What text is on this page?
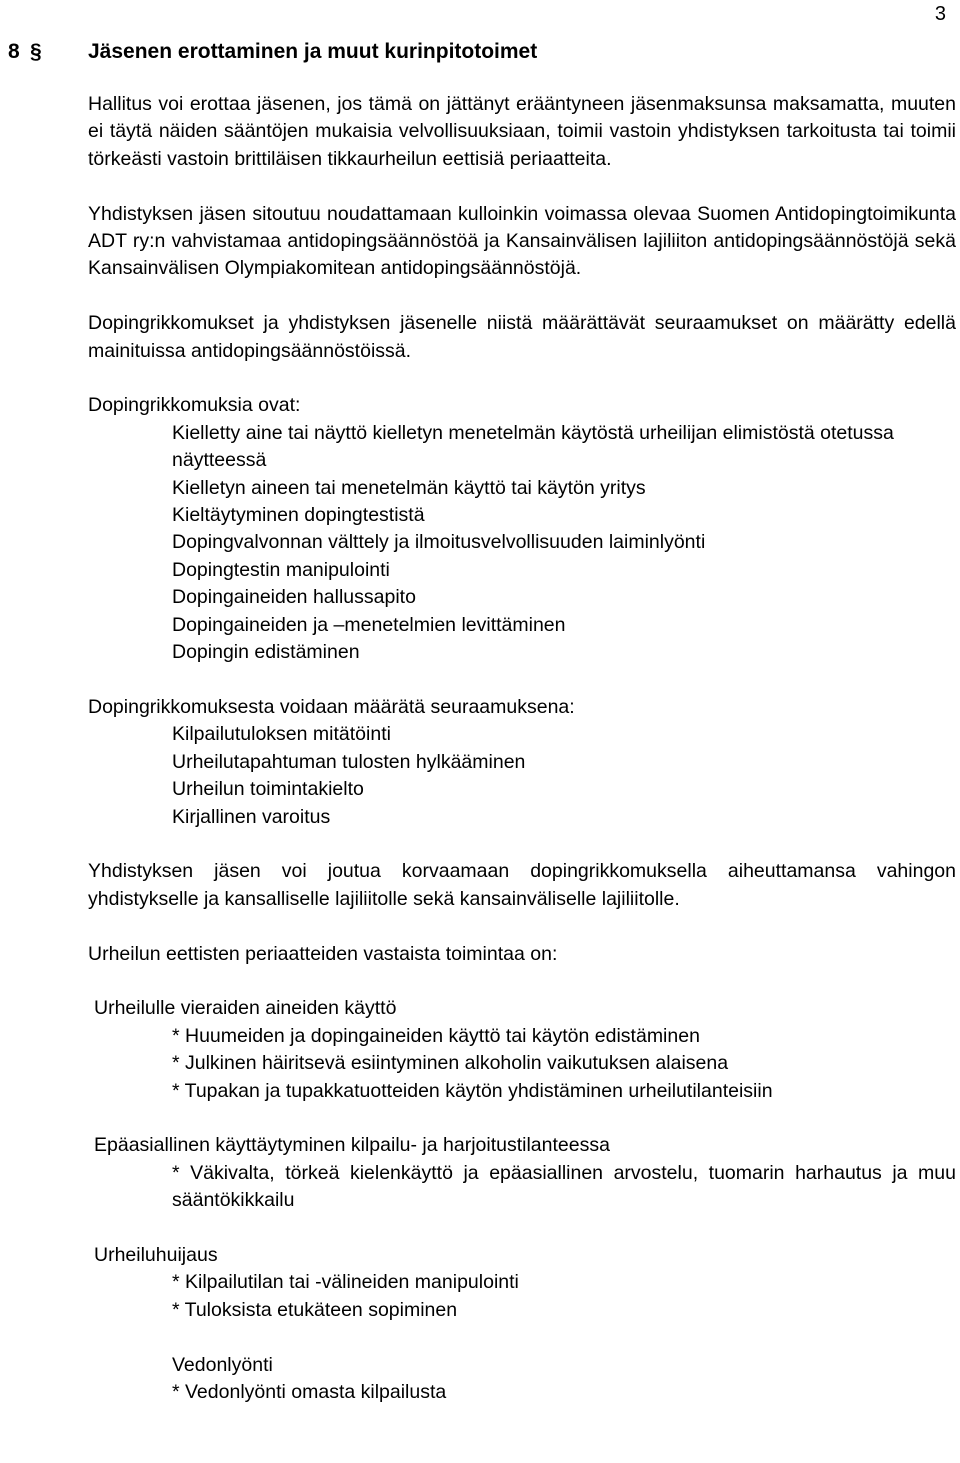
3
8 § Jäsenen erottaminen ja muut kurinpitotoimet

Hallitus voi erottaa jäsenen, jos tämä on jättänyt erääntyneen jäsenmaksunsa maksamatta, muuten ei täytä näiden sääntöjen mukaisia velvollisuuksiaan, toimii vastoin yhdistyksen tarkoitusta tai toimii törkeästi vastoin brittiläisen tikkaurheilun eettisiä periaatteita.

Yhdistyksen jäsen sitoutuu noudattamaan kulloinkin voimassa olevaa Suomen Antidopingtoimikunta ADT ry:n vahvistamaa antidopingsäännöstöä ja Kansainvälisen lajiliiton antidopingsäännöstöjä sekä Kansainvälisen Olympiakomitean antidopingsäännöstöjä.

Dopingrikkomukset ja yhdistyksen jäsenelle niistä määrättävät seuraamukset on määrätty edellä mainituissa antidopingsäännöstöissä.

Dopingrikkomuksia ovat:

Kielletty aine tai näyttö kielletyn menetelmän käytöstä urheilijan elimistöstä otetussa näytteessä
Kielletyn aineen tai menetelmän käyttö tai käytön yritys
Kieltäytyminen dopingtestistä
Dopingvalvonnan välttely ja ilmoitusvelvollisuuden laiminlyönti
Dopingtestin manipulointi
Dopingaineiden hallussapito
Dopingaineiden ja –menetelmien levittäminen
Dopingin edistäminen

Dopingrikkomuksesta voidaan määrätä seuraamuksena:

Kilpailutuloksen mitätöinti
Urheilutapahtuman tulosten hylkääminen
Urheilun toimintakielto
Kirjallinen varoitus

Yhdistyksen jäsen voi joutua korvaamaan dopingrikkomuksella aiheuttamansa vahingon yhdistykselle ja kansalliselle lajiliitolle sekä kansainväliselle lajiliitolle.

Urheilun eettisten periaatteiden vastaista toimintaa on:

Urheilulle vieraiden aineiden käyttö
* Huumeiden ja dopingaineiden käyttö tai käytön edistäminen
* Julkinen häiritsevä esiintyminen alkoholin vaikutuksen alaisena
* Tupakan ja tupakkatuotteiden käytön yhdistäminen urheilutilanteisiin
Epäasiallinen käyttäytyminen kilpailu- ja harjoitustilanteessa
* Väkivalta, törkeä kielenkäyttö ja epäasiallinen arvostelu, tuomarin harhautus ja muu sääntökikkailu
Urheiluhuijaus
* Kilpailutilan tai -välineiden manipulointi
* Tuloksista etukäteen sopiminen
Vedonlyönti
* Vedonlyönti omasta kilpailusta
